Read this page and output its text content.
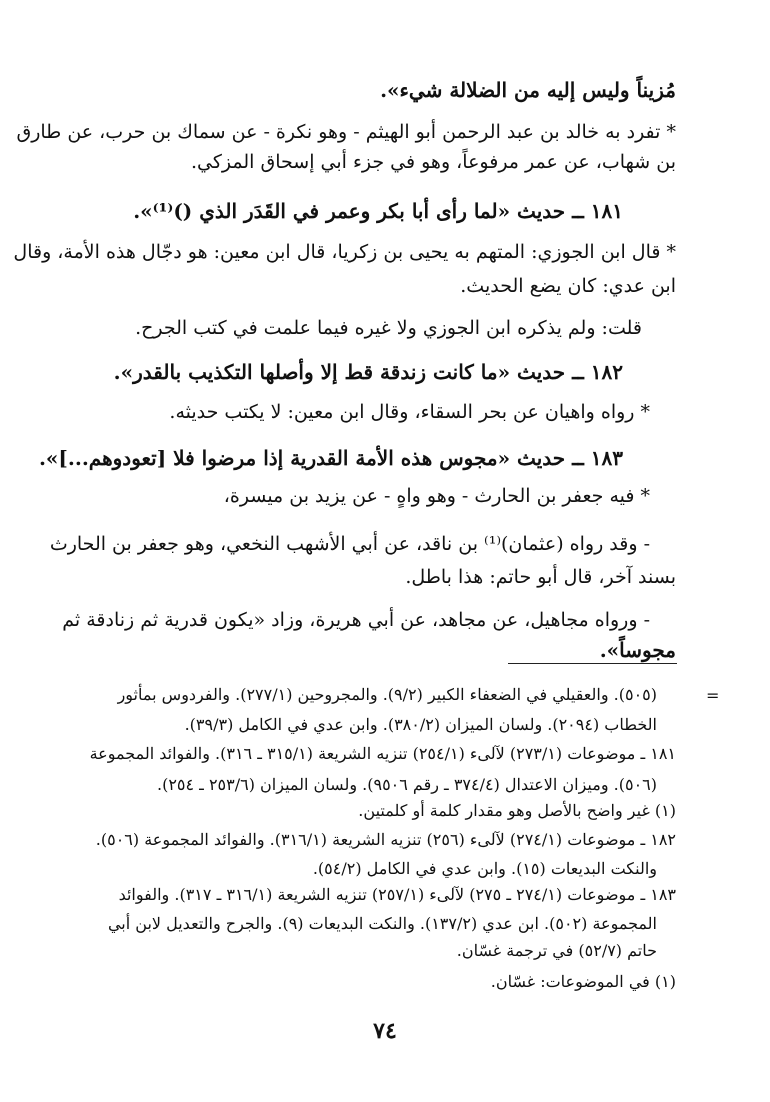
مُزيناً وليس إليه من الضلالة شيء».
* تفرد به خالد بن عبد الرحمن أبو الهيثم - وهو نكرة - عن سماك بن حرب، عن طارق
بن شهاب، عن عمر مرفوعاً، وهو في جزء أبي إسحاق المزكي.
١٨١ ــ حديث «لما رأى أبا بكر وعمر في القَدَر الذي ()⁽¹⁾».
* قال ابن الجوزي: المتهم به يحيى بن زكريا، قال ابن معين: هو دجّال هذه الأمة، وقال
ابن عدي: كان يضع الحديث.
قلت: ولم يذكره ابن الجوزي ولا غيره فيما علمت في كتب الجرح.
١٨٢ ــ حديث «ما كانت زندقة قط إلا وأصلها التكذيب بالقدر».
* رواه واهيان عن بحر السقاء، وقال ابن معين: لا يكتب حديثه.
١٨٣ ــ حديث «مجوس هذه الأمة القدرية إذا مرضوا فلا [تعودوهم...]».
* فيه جعفر بن الحارث - وهو واهٍ - عن يزيد بن ميسرة،
- وقد رواه (عثمان)⁽¹⁾ بن ناقد، عن أبي الأشهب النخعي، وهو جعفر بن الحارث
بسند آخر، قال أبو حاتم: هذا باطل.
- ورواه مجاهيل، عن مجاهد، عن أبي هريرة، وزاد «يكون قدرية ثم زنادقة ثم
مجوساً».
=
(٥٠٥). والعقيلي في الضعفاء الكبير (٩/٢). والمجروحين (٢٧٧/١). والفردوس بمأثور
الخطاب (٢٠٩٤). ولسان الميزان (٣٨٠/٢). وابن عدي في الكامل (٣٩/٣).
١٨١ ـ موضوعات (٢٧٣/١) لآلىء (٢٥٤/١) تنزيه الشريعة (٣١٥/١ ـ ٣١٦). والفوائد المجموعة
(٥٠٦). وميزان الاعتدال (٣٧٤/٤ ـ رقم ٩٥٠٦). ولسان الميزان (٢٥٣/٦ ـ ٢٥٤).
(١) غير واضح بالأصل وهو مقدار كلمة أو كلمتين.
١٨٢ ـ موضوعات (٢٧٤/١) لآلىء (٢٥٦) تنزيه الشريعة (٣١٦/١). والفوائد المجموعة (٥٠٦).
والنكت البديعات (١٥). وابن عدي في الكامل (٥٤/٢).
١٨٣ ـ موضوعات (٢٧٤/١ ـ ٢٧٥) لآلىء (٢٥٧/١) تنزيه الشريعة (٣١٦/١ ـ ٣١٧). والفوائد
المجموعة (٥٠٢). ابن عدي (١٣٧/٢). والنكت البديعات (٩). والجرح والتعديل لابن أبي
حاتم (٥٢/٧) في ترجمة غسّان.
(١) في الموضوعات: غسّان.
٧٤
